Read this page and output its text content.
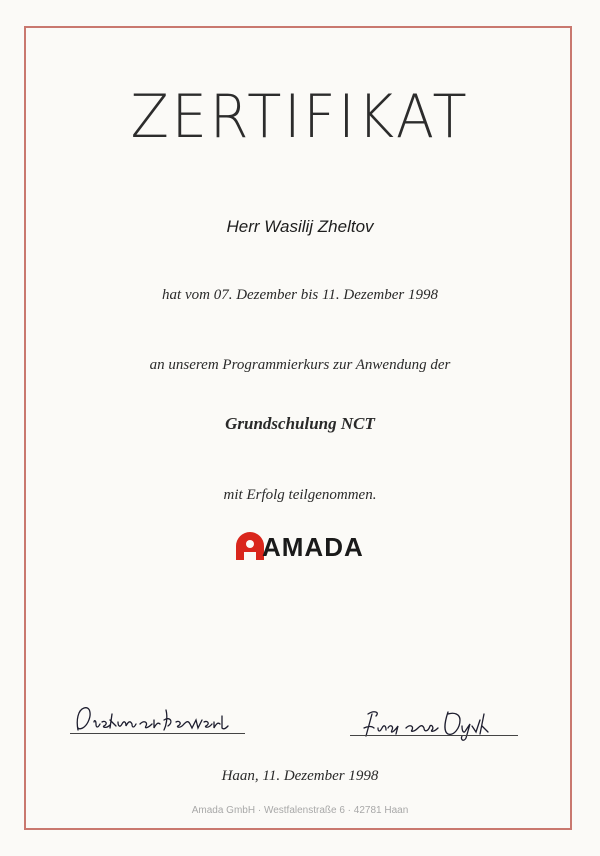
ZERTIFIKAT
Herr Wasilij Zheltov
hat vom 07. Dezember bis 11. Dezember 1998
an unserem Programmierkurs zur Anwendung der
Grundschulung NCT
mit Erfolg teilgenommen.
AMADA
Haan, 11. Dezember 1998
Amada GmbH · Westfalenstraße 6 · 42781 Haan
